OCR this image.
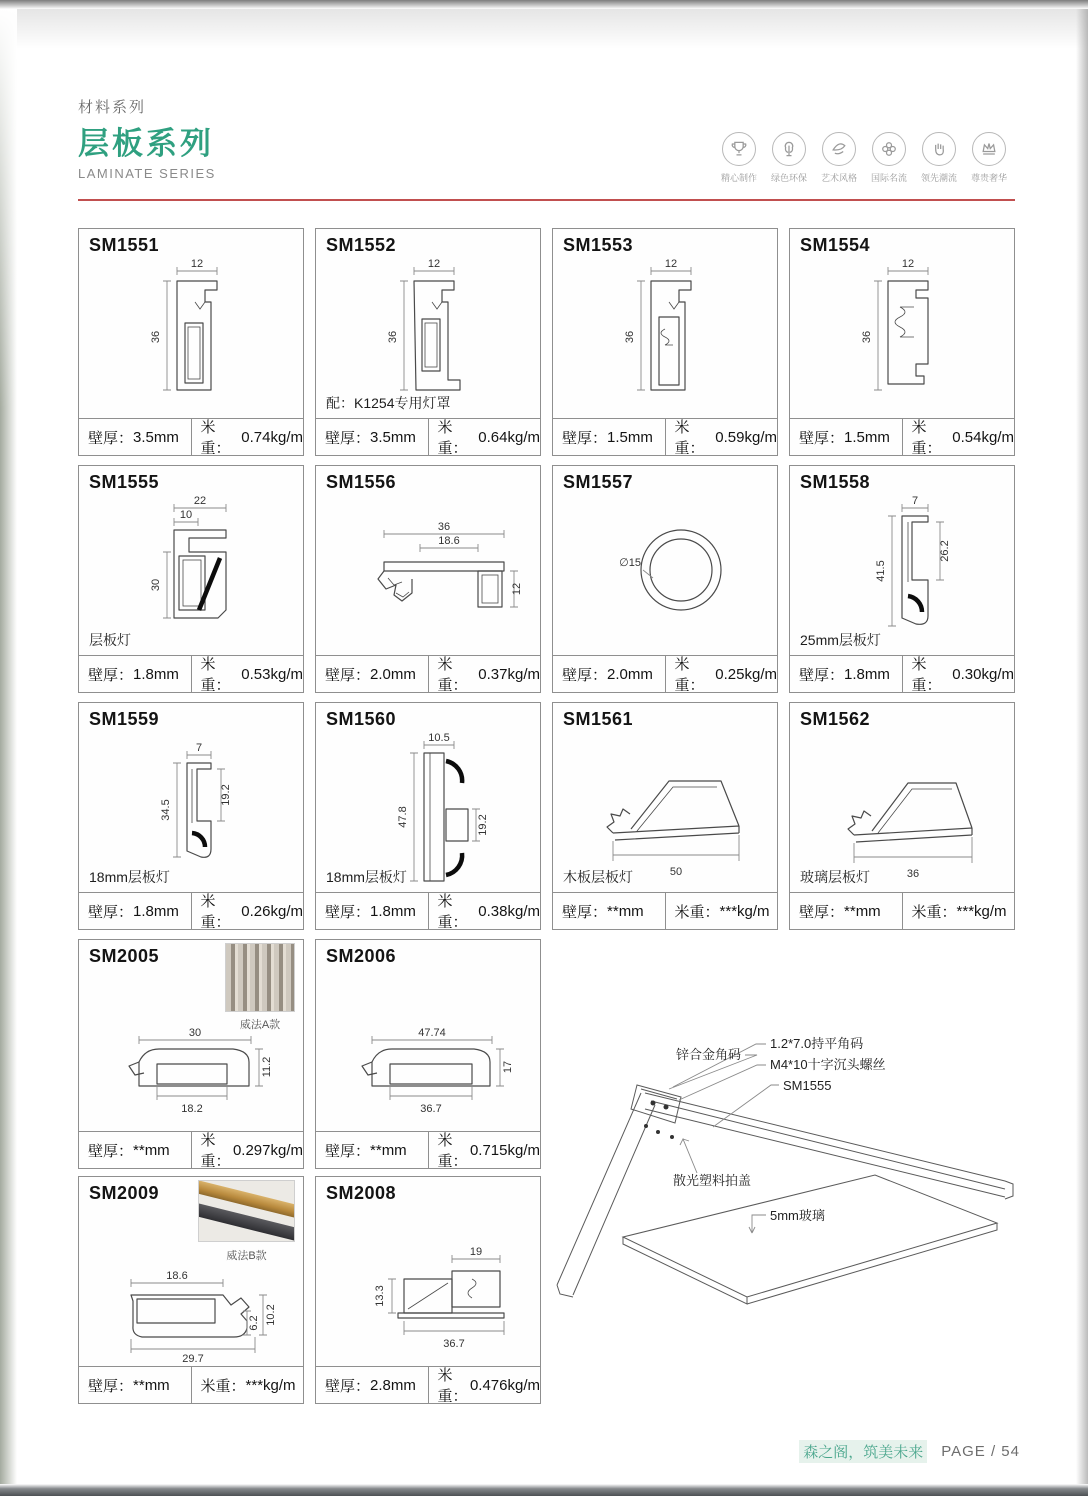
材料系列
层板系列
LAMINATE SERIES	精心制作 绿色环保 艺术风格 国际名流 领先潮流 尊贵奢华
SM1551
12
36
壁厚： 3.5mm
米重：
0.74kg/m
SM1552
12
36
配：K1254专用灯罩
壁厚： 3.5mm
米重：
0.64kg/m
SM1553
12
36
壁厚： 1.5mm
米重：
0.59kg/m
SM1554
12
36
壁厚： 1.5mm
米重：
0.54kg/m
SM1555
22
10
30
层板灯
壁厚： 1.8mm
米重：
0.53kg/m
SM1556
36
18.6
12
壁厚： 2.0mm
米重：
0.37kg/m
SM1557
∅15
壁厚： 2.0mm
米重：
0.25kg/m
SM1558
7
41.5
26.2
25mm层板灯
壁厚： 1.8mm
米重：
0.30kg/m
SM1559
7
34.5
19.2
18mm层板灯
壁厚： 1.8mm
米重：
0.26kg/m
SM1560
10.5
47.8	19.2
18mm层板灯
壁厚： 1.8mm
米重：
0.38kg/m
SM1561
50
木板层板灯
壁厚： **mm 米重： ***kg/m
SM1562
36
玻璃层板灯
壁厚： **mm 米重： ***kg/m
SM2005
威法A款
30
11.2
18.2
壁厚： **mm
米重：
0.297kg/m
SM2006
47.74
17
36.7
壁厚： **mm
米重：
0.715kg/m
SM2009
威法B款
18.6
10.2
6.2
29.7
壁厚： **mm 米重： ***kg/m
SM2008
19
13.3
36.7
壁厚： 2.8mm
米重：
0.476kg/m
锌合金角码
1.2*7.0持平角码
M4*10十字沉头螺丝
SM1555
散光塑料拍盖
5mm玻璃
森之阁，筑美未来 PAGE / 54
